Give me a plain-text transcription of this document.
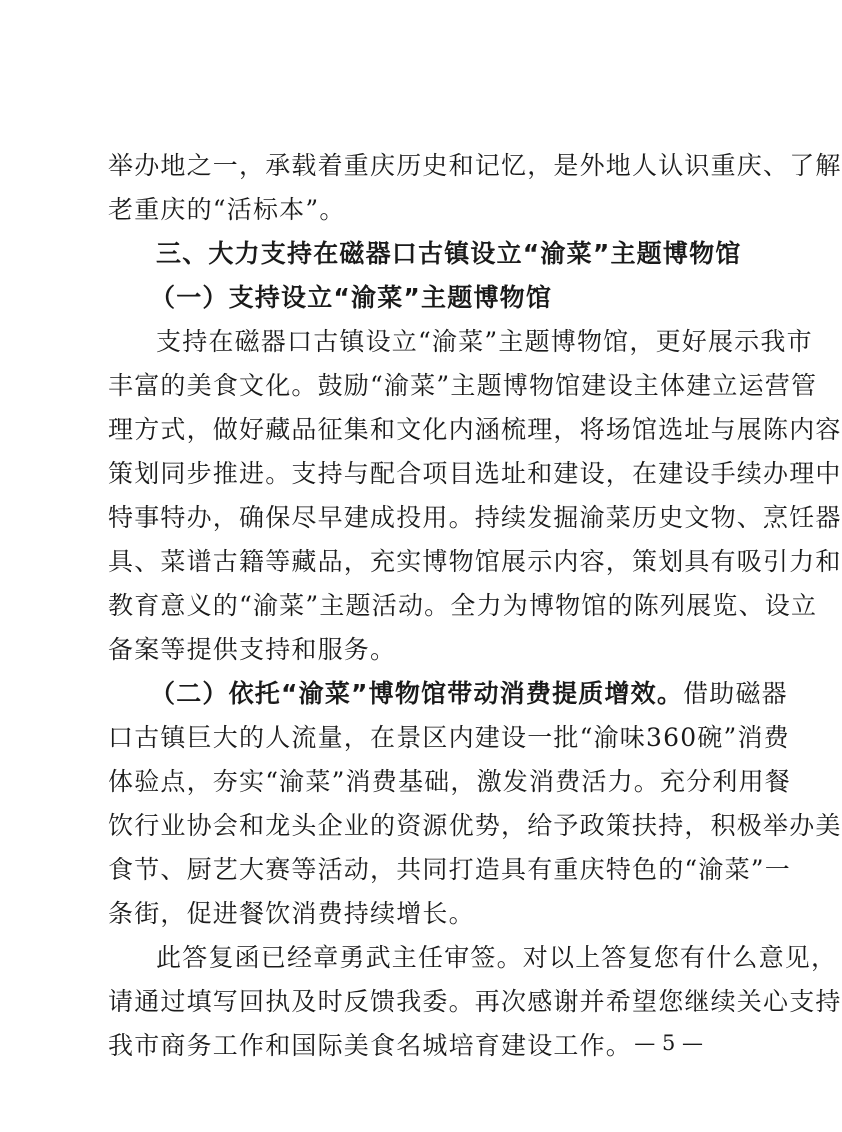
举办地之一，承载着重庆历史和记忆，是外地人认识重庆、了解
老重庆的“活标本”。
三、大力支持在磁器口古镇设立“渝菜”主题博物馆
（一）支持设立“渝菜”主题博物馆
支持在磁器口古镇设立“渝菜”主题博物馆，更好展示我市
丰富的美食文化。鼓励“渝菜”主题博物馆建设主体建立运营管
理方式，做好藏品征集和文化内涵梳理，将场馆选址与展陈内容
策划同步推进。支持与配合项目选址和建设，在建设手续办理中
特事特办，确保尽早建成投用。持续发掘渝菜历史文物、烹饪器
具、菜谱古籍等藏品，充实博物馆展示内容，策划具有吸引力和
教育意义的“渝菜”主题活动。全力为博物馆的陈列展览、设立
备案等提供支持和服务。
（二）依托“渝菜”博物馆带动消费提质增效。借助磁器
口古镇巨大的人流量，在景区内建设一批“渝味360碗”消费
体验点，夯实“渝菜”消费基础，激发消费活力。充分利用餐
饮行业协会和龙头企业的资源优势，给予政策扶持，积极举办美
食节、厨艺大赛等活动，共同打造具有重庆特色的“渝菜”一
条街，促进餐饮消费持续增长。
此答复函已经章勇武主任审签。对以上答复您有什么意见，
请通过填写回执及时反馈我委。再次感谢并希望您继续关心支持
我市商务工作和国际美食名城培育建设工作。 — 5 —
